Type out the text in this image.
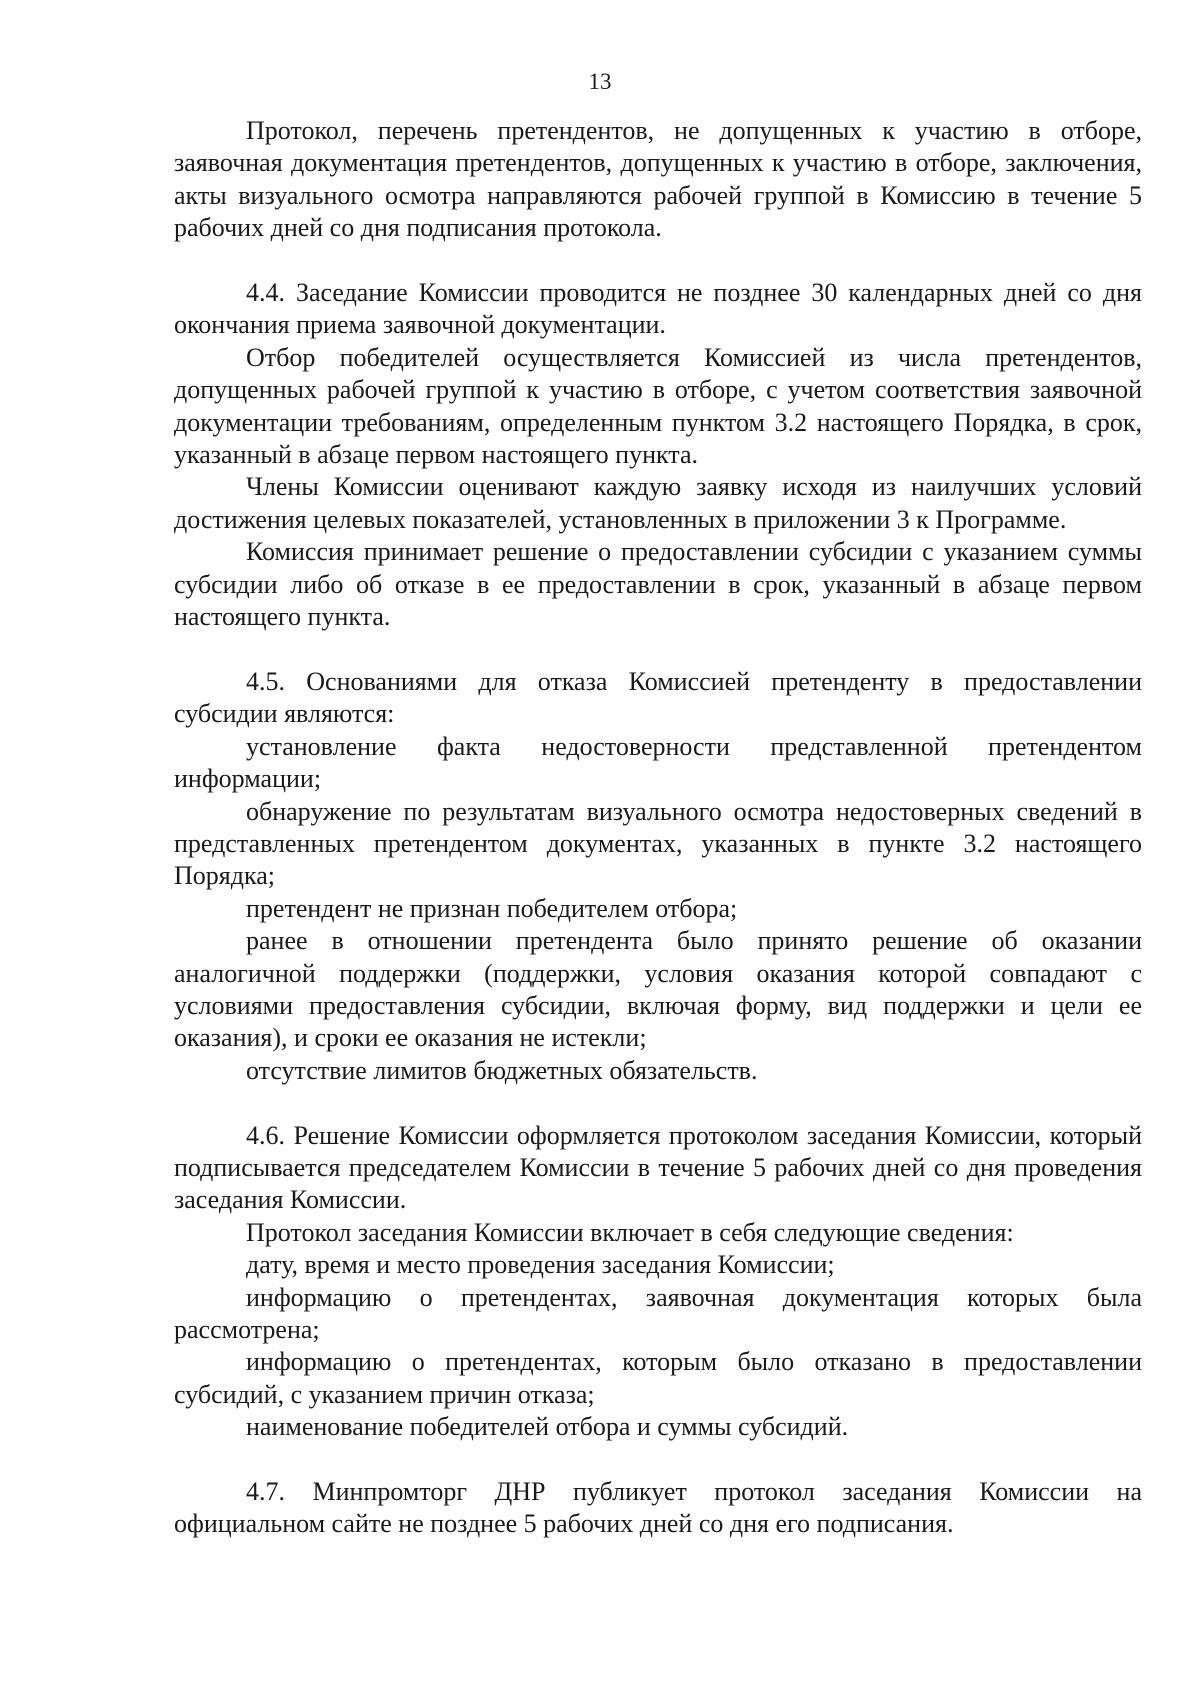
13

Протокол, перечень претендентов, не допущенных к участию в отборе, заявочная документация претендентов, допущенных к участию в отборе, заключения, акты визуального осмотра направляются рабочей группой в Комиссию в течение 5 рабочих дней со дня подписания протокола.

4.4. Заседание Комиссии проводится не позднее 30 календарных дней со дня окончания приема заявочной документации.

Отбор победителей осуществляется Комиссией из числа претендентов, допущенных рабочей группой к участию в отборе, с учетом соответствия заявочной документации требованиям, определенным пунктом 3.2 настоящего Порядка, в срок, указанный в абзаце первом настоящего пункта.

Члены Комиссии оценивают каждую заявку исходя из наилучших условий достижения целевых показателей, установленных в приложении 3 к Программе.

Комиссия принимает решение о предоставлении субсидии с указанием суммы субсидии либо об отказе в ее предоставлении в срок, указанный в абзаце первом настоящего пункта.

4.5. Основаниями для отказа Комиссией претенденту в предоставлении субсидии являются:

установление факта недостоверности представленной претендентом информации;

обнаружение по результатам визуального осмотра недостоверных сведений в представленных претендентом документах, указанных в пункте 3.2 настоящего Порядка;

претендент не признан победителем отбора;

ранее в отношении претендента было принято решение об оказании аналогичной поддержки (поддержки, условия оказания которой совпадают с условиями предоставления субсидии, включая форму, вид поддержки и цели ее оказания), и сроки ее оказания не истекли;

отсутствие лимитов бюджетных обязательств.

4.6. Решение Комиссии оформляется протоколом заседания Комиссии, который подписывается председателем Комиссии в течение 5 рабочих дней со дня проведения заседания Комиссии.

Протокол заседания Комиссии включает в себя следующие сведения:

дату, время и место проведения заседания Комиссии;

информацию о претендентах, заявочная документация которых была рассмотрена;

информацию о претендентах, которым было отказано в предоставлении субсидий, с указанием причин отказа;

наименование победителей отбора и суммы субсидий.

4.7. Минпромторг ДНР публикует протокол заседания Комиссии на официальном сайте не позднее 5 рабочих дней со дня его подписания.
